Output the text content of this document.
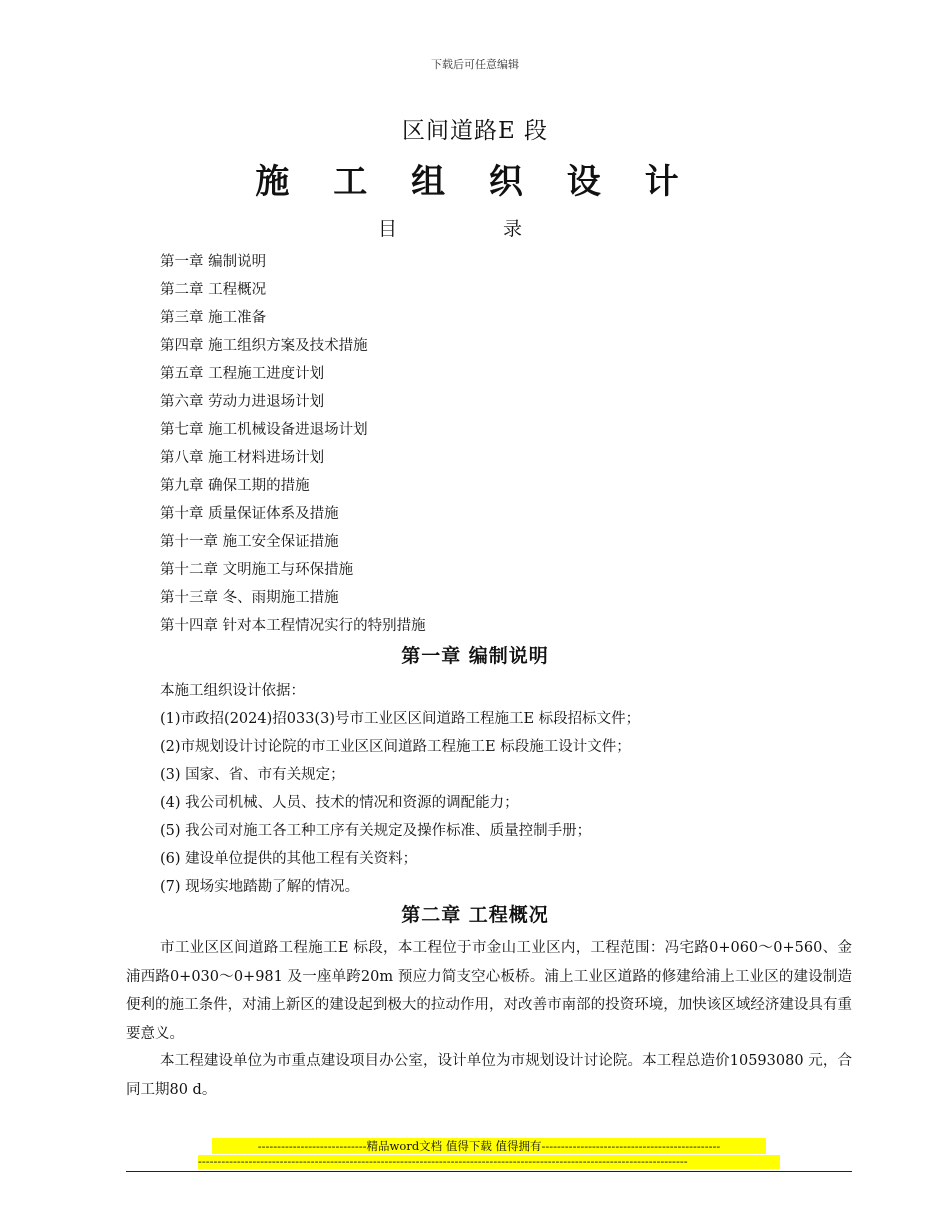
下载后可任意编辑
区间道路E 段
施 工 组 织 设 计
目 录
第一章 编制说明
第二章 工程概况
第三章 施工准备
第四章 施工组织方案及技术措施
第五章 工程施工进度计划
第六章 劳动力进退场计划
第七章 施工机械设备进退场计划
第八章 施工材料进场计划
第九章 确保工期的措施
第十章 质量保证体系及措施
第十一章 施工安全保证措施
第十二章 文明施工与环保措施
第十三章 冬、雨期施工措施
第十四章 针对本工程情况实行的特别措施
第一章 编制说明
本施工组织设计依据：
(1)市政招(2024)招033(3)号市工业区区间道路工程施工E 标段招标文件；
(2)市规划设计讨论院的市工业区区间道路工程施工E 标段施工设计文件；
(3) 国家、省、市有关规定；
(4) 我公司机械、人员、技术的情况和资源的调配能力；
(5) 我公司对施工各工种工序有关规定及操作标准、质量控制手册；
(6) 建设单位提供的其他工程有关资料；
(7) 现场实地踏勘了解的情况。
第二章 工程概况

市工业区区间道路工程施工E 标段，本工程位于市金山工业区内，工程范围：冯宅路0+060～0+560、金浦西路0+030～0+981 及一座单跨20m 预应力简支空心板桥。浦上工业区道路的修建给浦上工业区的建设制造便利的施工条件，对浦上新区的建设起到极大的拉动作用，对改善市南部的投资环境，加快该区域经济建设具有重要意义。

本工程建设单位为市重点建设项目办公室，设计单位为市规划设计讨论院。本工程总造价10593080 元，合同工期80 d。

----------------------------精品word文档 值得下载 值得拥有----------------------------------------------
------------------------------------------------------------------------------------------------------------------------------
